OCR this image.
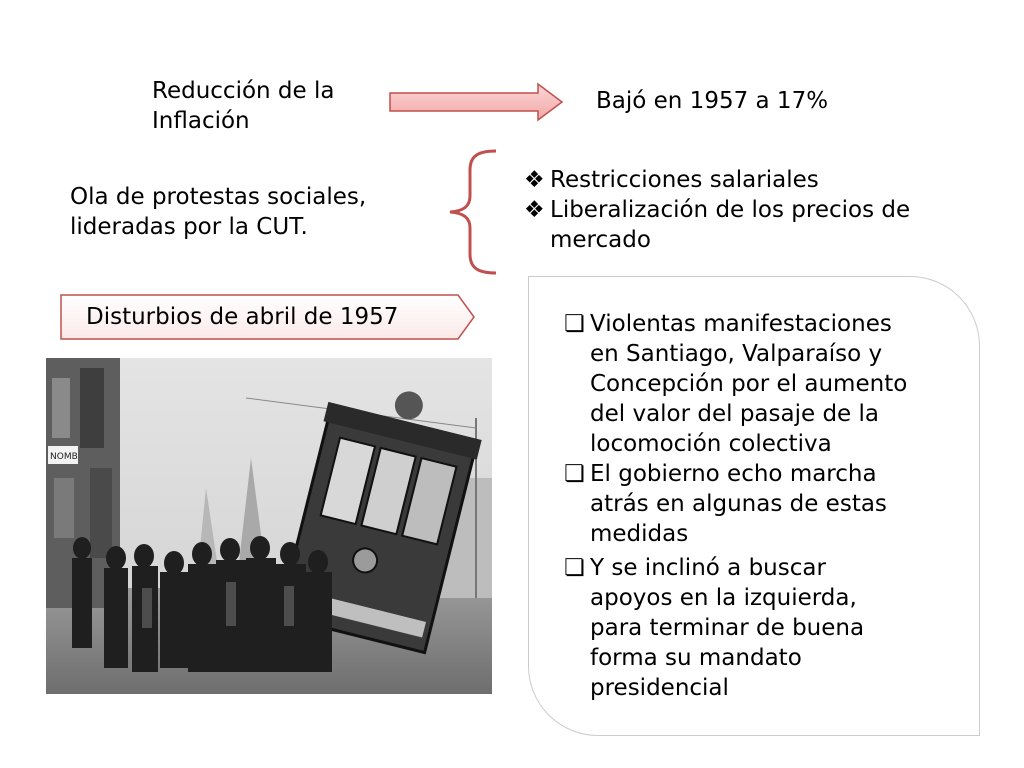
Reducción de la
Inflación
Bajó en 1957 a 17%
Ola de protestas sociales,
lideradas por la CUT.
❖ Restricciones salariales
❖ Liberalización de los precios de
mercado
Disturbios de abril de 1957
NOMB
❏ Violentas manifestaciones
en Santiago, Valparaíso y
Concepción por el aumento
del valor del pasaje de la
locomoción colectiva
❏ El gobierno echo marcha
atrás en algunas de estas
medidas
❏ Y se inclinó a buscar
apoyos en la izquierda,
para terminar de buena
forma su mandato
presidencial
